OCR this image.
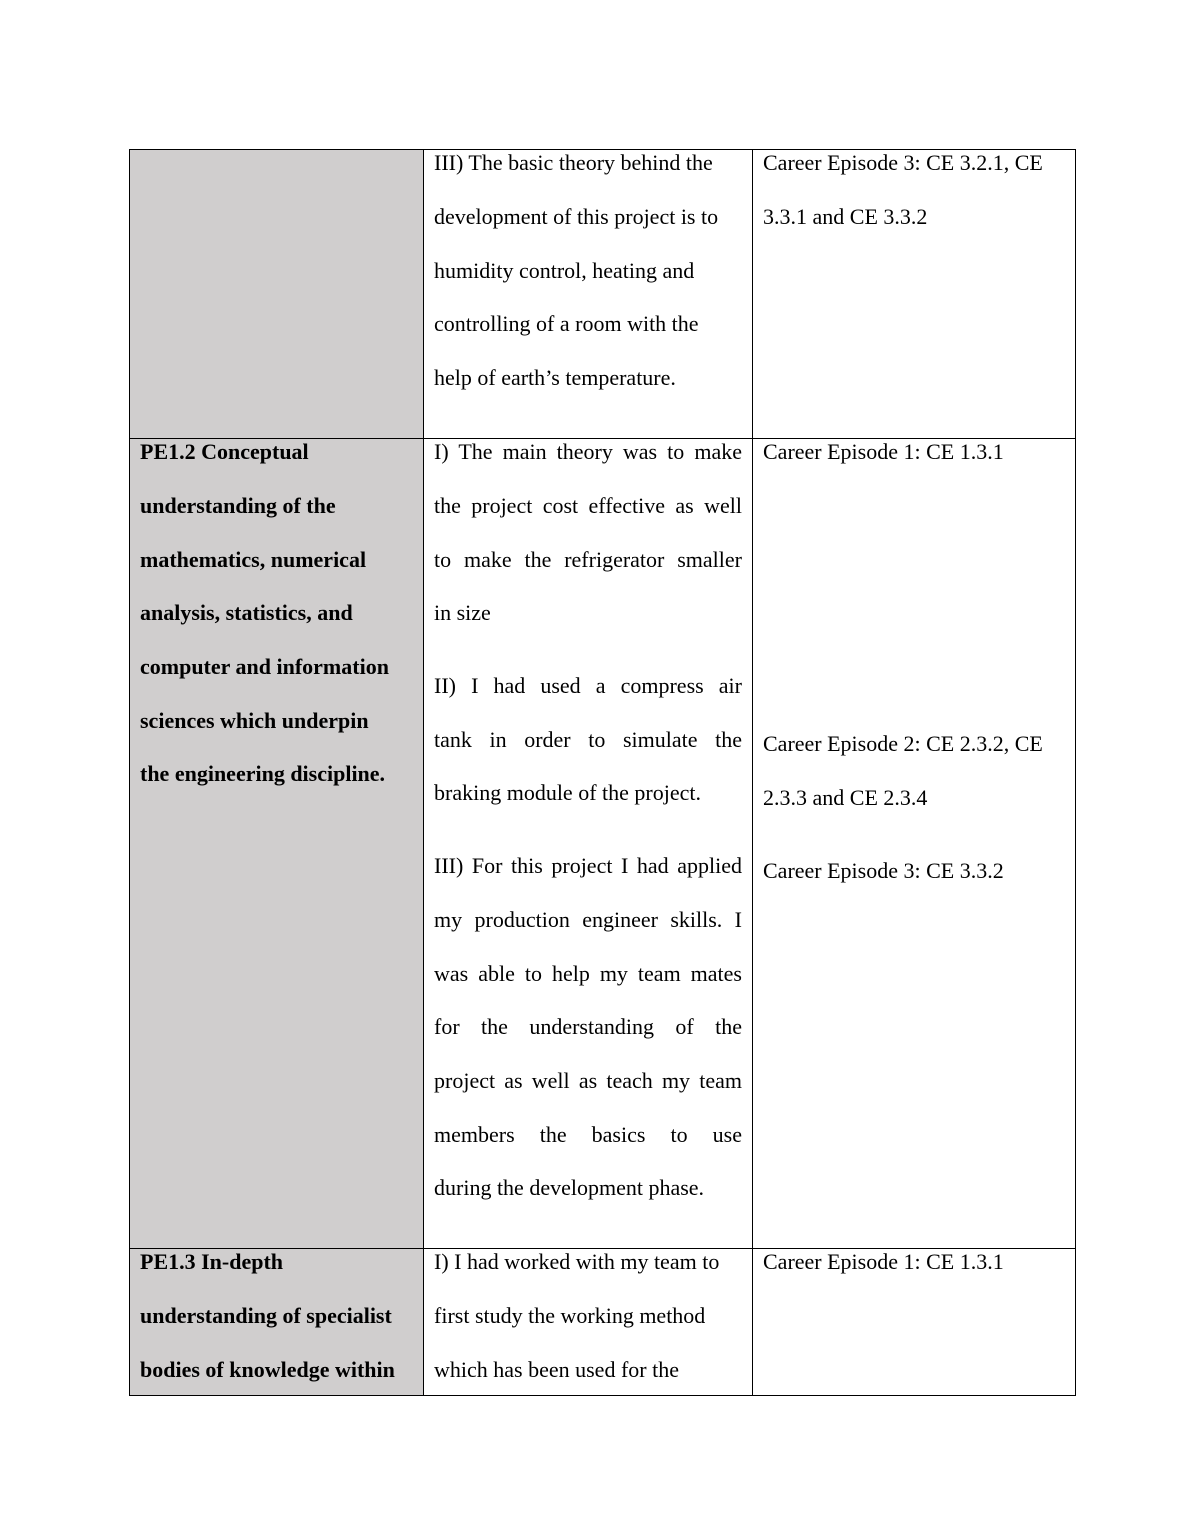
III) The basic theory behind the
development of this project is to
humidity control, heating and
controlling of a room with the
help of earth’s temperature.
Career Episode 3: CE 3.2.1, CE
3.3.1 and CE 3.3.2
PE1.2 Conceptual
understanding of the
mathematics, numerical
analysis, statistics, and
computer and information
sciences which underpin
the engineering discipline.
I) The main theory was to make
the project cost effective as well
to make the refrigerator smaller
in size
II) I had used a compress air
tank in order to simulate the
braking module of the project.
III) For this project I had applied
my production engineer skills. I
was able to help my team mates
for the understanding of the
project as well as teach my team
members the basics to use
during the development phase.
Career Episode 1: CE 1.3.1
Career Episode 2: CE 2.3.2, CE
2.3.3 and CE 2.3.4
Career Episode 3: CE 3.3.2
PE1.3 In-depth
understanding of specialist
bodies of knowledge within
I) I had worked with my team to
first study the working method
which has been used for the
Career Episode 1: CE 1.3.1
